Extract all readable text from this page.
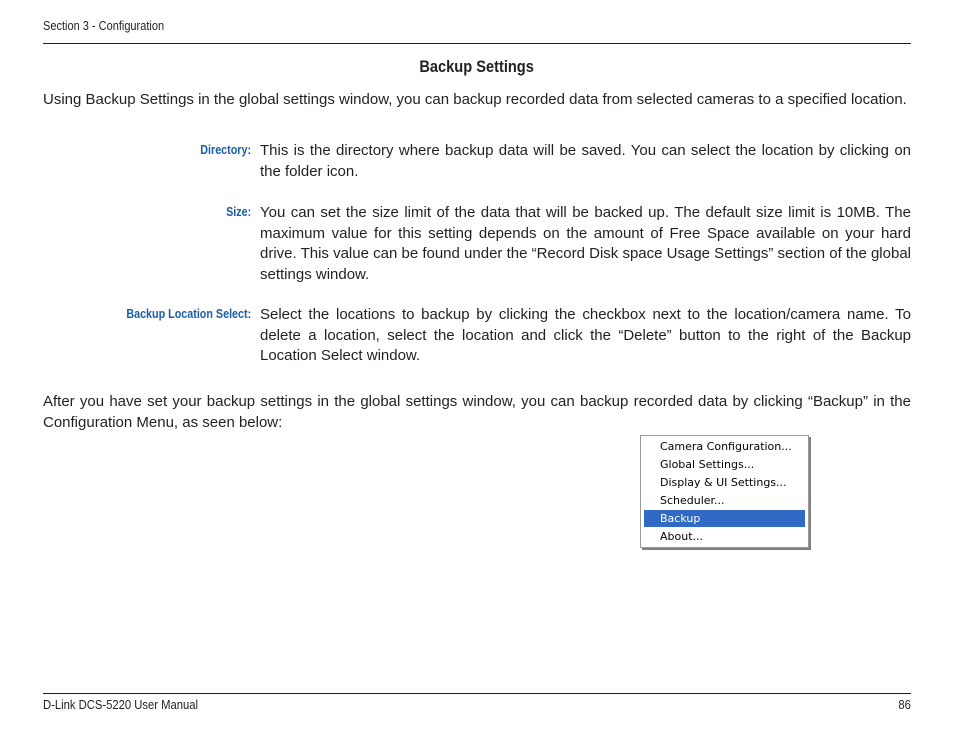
Section 3 - Configuration
Backup Settings
Using Backup Settings in the global settings window, you can backup recorded data from selected cameras to a specified location.
Directory: This is the directory where backup data will be saved. You can select the location by clicking on the folder icon.
Size: You can set the size limit of the data that will be backed up. The default size limit is 10MB. The maximum value for this setting depends on the amount of Free Space available on your hard drive. This value can be found under the “Record Disk space Usage Settings” section of the global settings window.
Backup Location Select: Select the locations to backup by clicking the checkbox next to the location/camera name. To delete a location, select the location and click the “Delete” button to the right of the Backup Location Select window.
After you have set your backup settings in the global settings window, you can backup recorded data by clicking “Backup” in the Configuration Menu, as seen below:
Camera Configuration...
Global Settings...
Display & UI Settings...
Scheduler...
Backup
About...
D-Link DCS-5220 User Manual	86
